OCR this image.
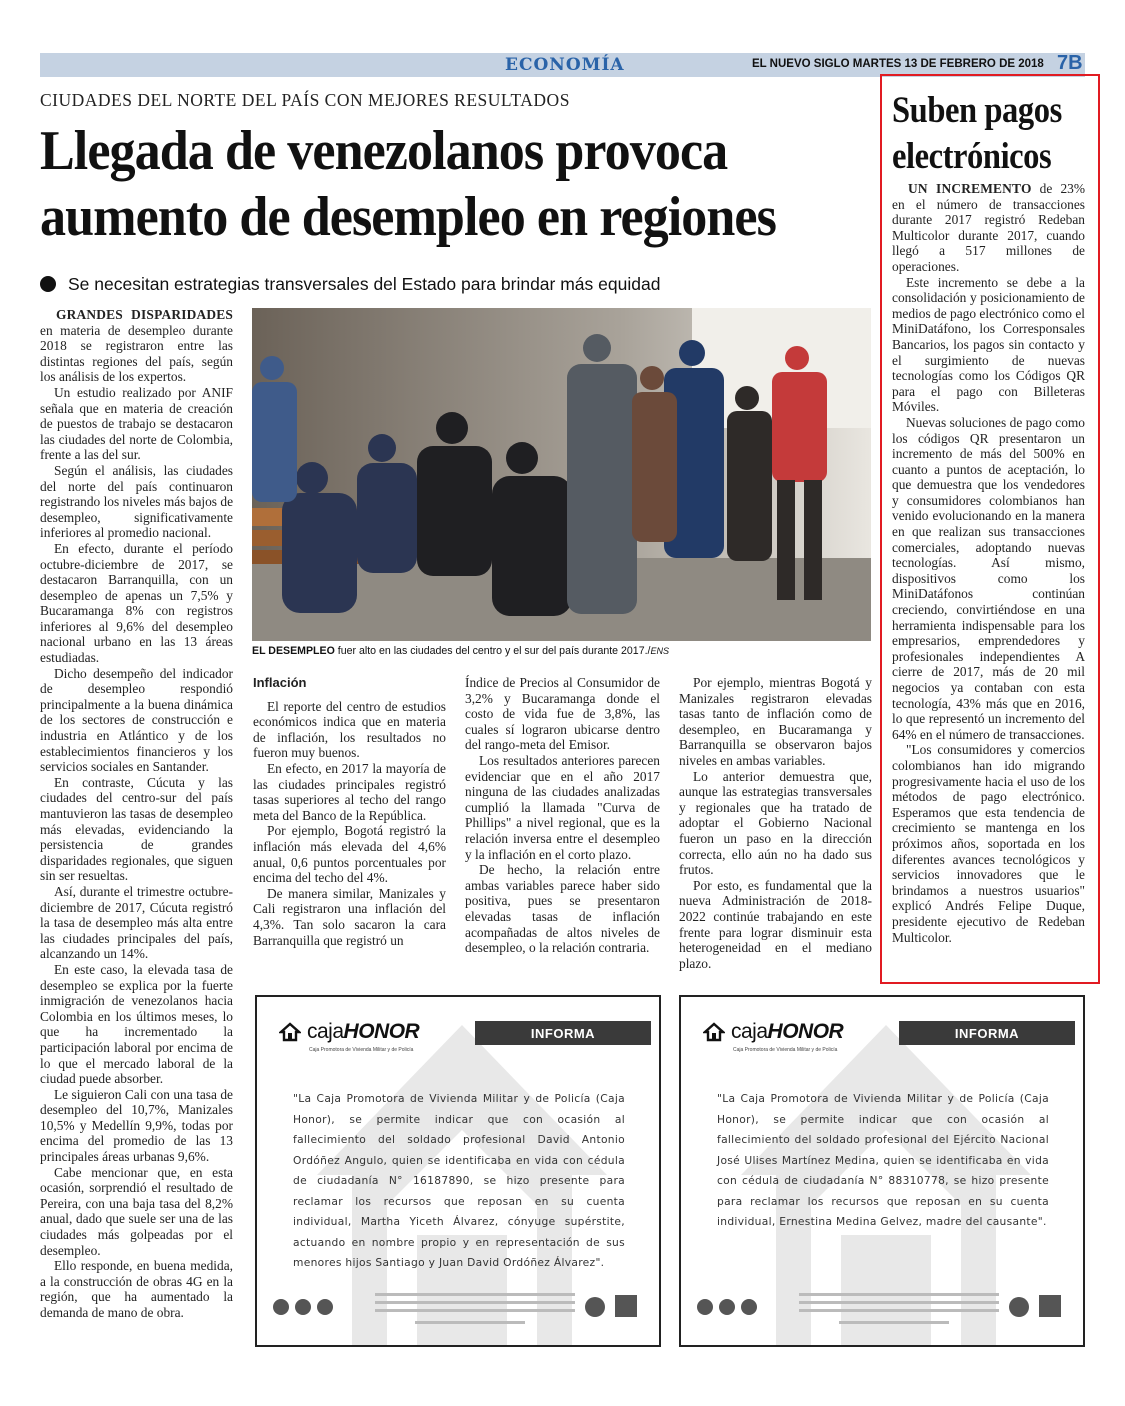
ECONOMÍA	EL NUEVO SIGLO MARTES 13 DE FEBRERO DE 2018 7B
CIUDADES DEL NORTE DEL PAÍS CON MEJORES RESULTADOS
Llegada de venezolanos provoca aumento de desempleo en regiones
Se necesitan estrategias transversales del Estado para brindar más equidad

GRANDES DISPARIDADES en materia de desempleo durante 2018 se registraron entre las distintas regiones del país, según los análisis de los expertos.

Un estudio realizado por ANIF señala que en materia de creación de puestos de trabajo se destacaron las ciudades del norte de Colombia, frente a las del sur.

Según el análisis, las ciudades del norte del país continuaron registrando los niveles más bajos de desempleo, significativamente inferiores al promedio nacional.

En efecto, durante el período octubre-diciembre de 2017, se destacaron Barranquilla, con un desempleo de apenas un 7,5% y Bucaramanga 8% con registros inferiores al 9,6% del desempleo nacional urbano en las 13 áreas estudiadas.

Dicho desempeño del indicador de desempleo respondió principalmente a la buena dinámica de los sectores de construcción e industria en Atlántico y de los establecimientos financieros y los servicios sociales en Santander.

En contraste, Cúcuta y las ciudades del centro-sur del país mantuvieron las tasas de desempleo más elevadas, evidenciando la persistencia de grandes disparidades regionales, que siguen sin ser resueltas.

Así, durante el trimestre octubre-diciembre de 2017, Cúcuta registró la tasa de desempleo más alta entre las ciudades principales del país, alcanzando un 14%.

En este caso, la elevada tasa de desempleo se explica por la fuerte inmigración de venezolanos hacia Colombia en los últimos meses, lo que ha incrementado la participación laboral por encima de lo que el mercado laboral de la ciudad puede absorber.

Le siguieron Cali con una tasa de desempleo del 10,7%, Manizales 10,5% y Medellín 9,9%, todas por encima del promedio de las 13 principales áreas urbanas 9,6%.

Cabe mencionar que, en esta ocasión, sorprendió el resultado de Pereira, con una baja tasa del 8,2% anual, dado que suele ser una de las ciudades más golpeadas por el desempleo.

Ello responde, en buena medida, a la construcción de obras 4G en la región, que ha aumentado la demanda de mano de obra.

EL DESEMPLEO fuer alto en las ciudades del centro y el sur del país durante 2017./ENS
Inflación

El reporte del centro de estudios económicos indica que en materia de inflación, los resultados no fueron muy buenos.

En efecto, en 2017 la mayoría de las ciudades principales registró tasas superiores al techo del rango meta del Banco de la República.

Por ejemplo, Bogotá registró la inflación más elevada del 4,6% anual, 0,6 puntos porcentuales por encima del techo del 4%.

De manera similar, Manizales y Cali registraron una inflación del 4,3%. Tan solo sacaron la cara Barranquilla que registró un

Índice de Precios al Consumidor de 3,2% y Bucaramanga donde el costo de vida fue de 3,8%, las cuales sí lograron ubicarse dentro del rango-meta del Emisor.

Los resultados anteriores parecen evidenciar que en el año 2017 ninguna de las ciudades analizadas cumplió la llamada "Curva de Phillips" a nivel regional, que es la relación inversa entre el desempleo y la inflación en el corto plazo.

De hecho, la relación entre ambas variables parece haber sido positiva, pues se presentaron elevadas tasas de inflación acompañadas de altos niveles de desempleo, o la relación contraria.

Por ejemplo, mientras Bogotá y Manizales registraron elevadas tasas tanto de inflación como de desempleo, en Bucaramanga y Barranquilla se observaron bajos niveles en ambas variables.

Lo anterior demuestra que, aunque las estrategias transversales y regionales que ha tratado de adoptar el Gobierno Nacional fueron un paso en la dirección correcta, ello aún no ha dado sus frutos.

Por esto, es fundamental que la nueva Administración de 2018-2022 continúe trabajando en este frente para lograr disminuir esta heterogeneidad en el mediano plazo.

Suben pagos electrónicos

UN INCREMENTO de 23% en el número de transacciones durante 2017 registró Redeban Multicolor durante 2017, cuando llegó a 517 millones de operaciones.

Este incremento se debe a la consolidación y posicionamiento de medios de pago electrónico como el MiniDatáfono, los Corresponsales Bancarios, los pagos sin contacto y el surgimiento de nuevas tecnologías como los Códigos QR para el pago con Billeteras Móviles.

Nuevas soluciones de pago como los códigos QR presentaron un incremento de más del 500% en cuanto a puntos de aceptación, lo que demuestra que los vendedores y consumidores colombianos han venido evolucionando en la manera en que realizan sus transacciones comerciales, adoptando nuevas tecnologías. Así mismo, dispositivos como los MiniDatáfonos continúan creciendo, convirtiéndose en una herramienta indispensable para los empresarios, emprendedores y profesionales independientes A cierre de 2017, más de 20 mil negocios ya contaban con esta tecnología, 43% más que en 2016, lo que representó un incremento del 64% en el número de transacciones.

"Los consumidores y comercios colombianos han ido migrando progresivamente hacia el uso de los métodos de pago electrónico. Esperamos que esta tendencia de crecimiento se mantenga en los próximos años, soportada en los diferentes avances tecnológicos y servicios innovadores que le brindamos a nuestros usuarios" explicó Andrés Felipe Duque, presidente ejecutivo de Redeban Multicolor.

cajaHONOR
Caja Promotora de Vivienda Militar y de Policía
INFORMA
"La Caja Promotora de Vivienda Militar y de Policía (Caja Honor), se permite indicar que con ocasión al fallecimiento del soldado profesional David Antonio Ordóñez Angulo, quien se identificaba en vida con cédula de ciudadanía N° 16187890, se hizo presente para reclamar los recursos que reposan en su cuenta individual, Martha Yiceth Álvarez, cónyuge supérstite, actuando en nombre propio y en representación de sus menores hijos Santiago y Juan David Ordóñez Álvarez".
cajaHONOR
Caja Promotora de Vivienda Militar y de Policía
INFORMA
"La Caja Promotora de Vivienda Militar y de Policía (Caja Honor), se permite indicar que con ocasión al fallecimiento del soldado profesional del Ejército Nacional José Ulises Martínez Medina, quien se identificaba en vida con cédula de ciudadanía N° 88310778, se hizo presente para reclamar los recursos que reposan en su cuenta individual, Ernestina Medina Gelvez, madre del causante".
